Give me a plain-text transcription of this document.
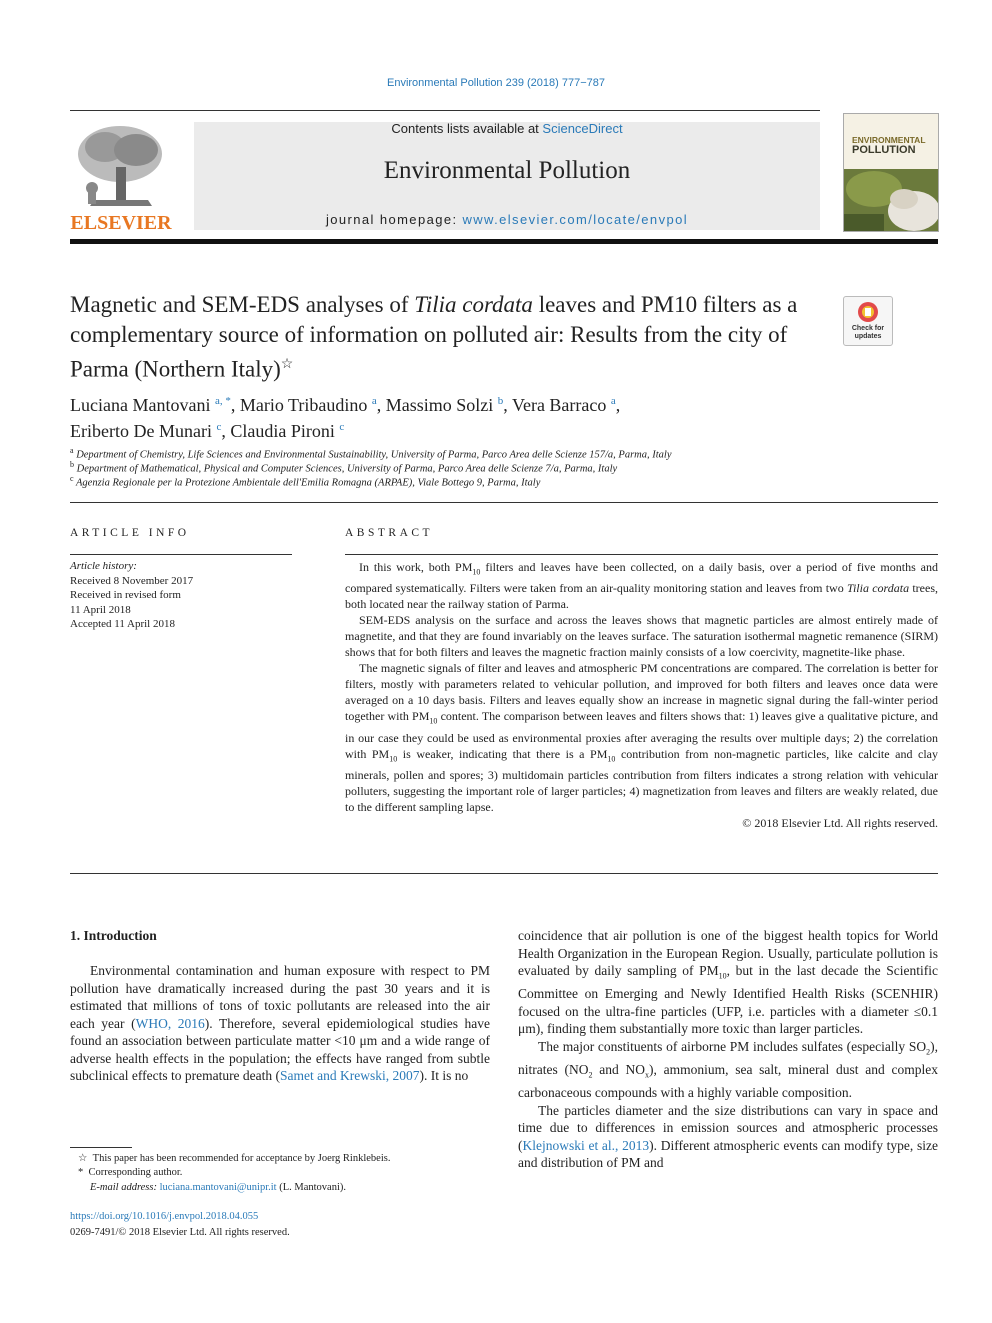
Environmental Pollution 239 (2018) 777−787
ELSEVIER
Contents lists available at ScienceDirect
Environmental Pollution
journal homepage: www.elsevier.com/locate/envpol
ENVIRONMENTAL
POLLUTION
Magnetic and SEM-EDS analyses of Tilia cordata leaves and PM10 filters as a complementary source of information on polluted air: Results from the city of Parma (Northern Italy)☆
Check for
updates
Luciana Mantovani $^{a, *}$, Mario Tribaudino $^a$, Massimo Solzi $^b$, Vera Barraco $^a$,
Eriberto De Munari $^c$, Claudia Pironi $^c$
$^a$ Department of Chemistry, Life Sciences and Environmental Sustainability, University of Parma, Parco Area delle Scienze 157/a, Parma, Italy
$^b$ Department of Mathematical, Physical and Computer Sciences, University of Parma, Parco Area delle Scienze 7/a, Parma, Italy
$^c$ Agenzia Regionale per la Protezione Ambientale dell'Emilia Romagna (ARPAE), Viale Bottego 9, Parma, Italy
ARTICLE INFO
Article history:
Received 8 November 2017
Received in revised form
11 April 2018
Accepted 11 April 2018
ABSTRACT

In this work, both $PM_{10}$ filters and leaves have been collected, on a daily basis, over a period of five months and compared systematically. Filters were taken from an air-quality monitoring station and leaves from two Tilia cordata trees, both located near the railway station of Parma.

SEM-EDS analysis on the surface and across the leaves shows that magnetic particles are almost entirely made of magnetite, and that they are found invariably on the leaves surface. The saturation isothermal magnetic remanence (SIRM) shows that for both filters and leaves the magnetic fraction mainly consists of a low coercivity, magnetite-like phase.

The magnetic signals of filter and leaves and atmospheric PM concentrations are compared. The correlation is better for filters, mostly with parameters related to vehicular pollution, and improved for both filters and leaves once data were averaged on a 10 days basis. Filters and leaves equally show an increase in magnetic signal during the fall-winter period together with $PM_{10}$ content. The comparison between leaves and filters shows that: 1) leaves give a qualitative picture, and in our case they could be used as environmental proxies after averaging the results over multiple days; 2) the correlation with $PM_{10}$ is weaker, indicating that there is a $PM_{10}$ contribution from non-magnetic particles, like calcite and clay minerals, pollen and spores; 3) multidomain particles contribution from filters indicates a strong relation with vehicular polluters, suggesting the important role of larger particles; 4) magnetization from leaves and filters are weakly related, due to the different sampling lapse.

© 2018 Elsevier Ltd. All rights reserved.
1. Introduction

Environmental contamination and human exposure with respect to PM pollution have dramatically increased during the past 30 years and it is estimated that millions of tons of toxic pollutants are released into the air each year (WHO, 2016). Therefore, several epidemiological studies have found an association between particulate matter <10 μm and a wide range of adverse health effects in the population; the effects have ranged from subtle subclinical effects to premature death (Samet and Krewski, 2007). It is no

coincidence that air pollution is one of the biggest health topics for World Health Organization in the European Region. Usually, particulate pollution is evaluated by daily sampling of $PM_{10}$, but in the last decade the Scientific Committee on Emerging and Newly Identified Health Risks (SCENHIR) focused on the ultra-fine particles (UFP, i.e. particles with a diameter ≤0.1 μm), finding them substantially more toxic than larger particles.

The major constituents of airborne PM includes sulfates (especially $SO_2$), nitrates ($NO_2$ and $NO_x$), ammonium, sea salt, mineral dust and complex carbonaceous compounds with a highly variable composition.

The particles diameter and the size distributions can vary in space and time due to differences in emission sources and atmospheric processes (Klejnowski et al., 2013). Different atmospheric events can modify type, size and distribution of PM and

☆ This paper has been recommended for acceptance by Joerg Rinklebeis.
* Corresponding author.
E-mail address: luciana.mantovani@unipr.it (L. Mantovani).
https://doi.org/10.1016/j.envpol.2018.04.055
0269-7491/© 2018 Elsevier Ltd. All rights reserved.
